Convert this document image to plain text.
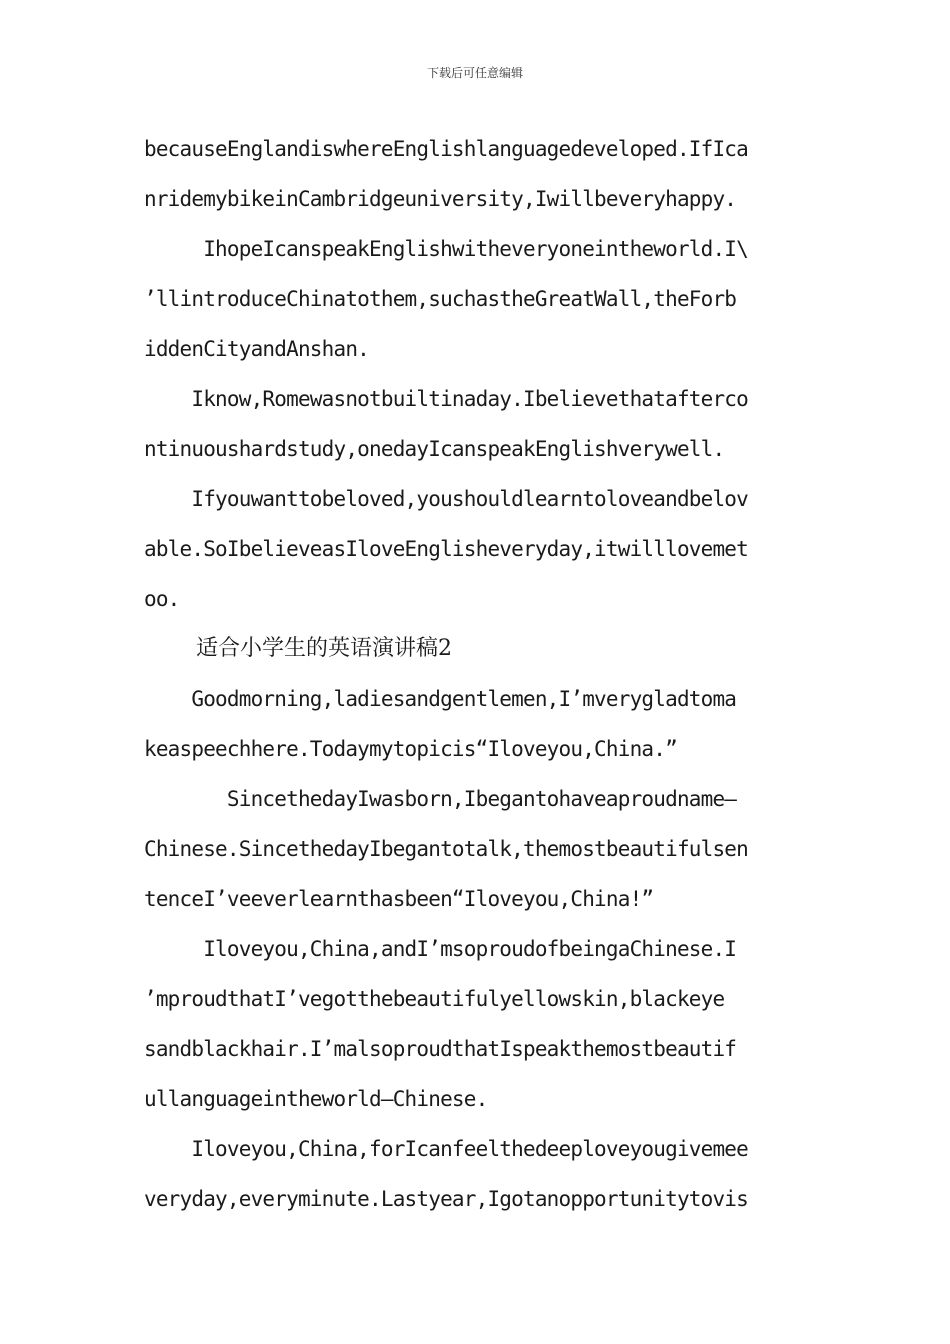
下载后可任意编辑
becauseEnglandiswhereEnglishlanguagedeveloped.IfIca
nridemybikeinCambridgeuniversity,Iwillbeveryhappy.
IhopeIcanspeakEnglishwitheveryoneintheworld.I\
’llintroduceChinatothem,suchastheGreatWall,theForb
iddenCityandAnshan.
Iknow,Romewasnotbuiltinaday.Ibelievethatafterco
ntinuoushardstudy,onedayIcanspeakEnglishverywell.
Ifyouwanttobeloved,youshouldlearntoloveandbelov
able.SoIbelieveasIloveEnglisheveryday,itwilllovemet
oo.
适合小学生的英语演讲稿2
Goodmorning,ladiesandgentlemen,I’mverygladtoma
keaspeechhere.Todaymytopicis“Iloveyou,China.”
SincethedayIwasborn,Ibegantohaveaproudname—
Chinese.SincethedayIbegantotalk,themostbeautifulsen
tenceI’veeverlearnthasbeen“Iloveyou,China!”
Iloveyou,China,andI’msoproudofbeingaChinese.I
’mproudthatI’vegotthebeautifulyellowskin,blackeye
sandblackhair.I’malsoproudthatIspeakthemostbeautif
ullanguageintheworld—Chinese.
Iloveyou,China,forIcanfeelthedeeploveyougivemee
veryday,everyminute.Lastyear,Igotanopportunitytovis
